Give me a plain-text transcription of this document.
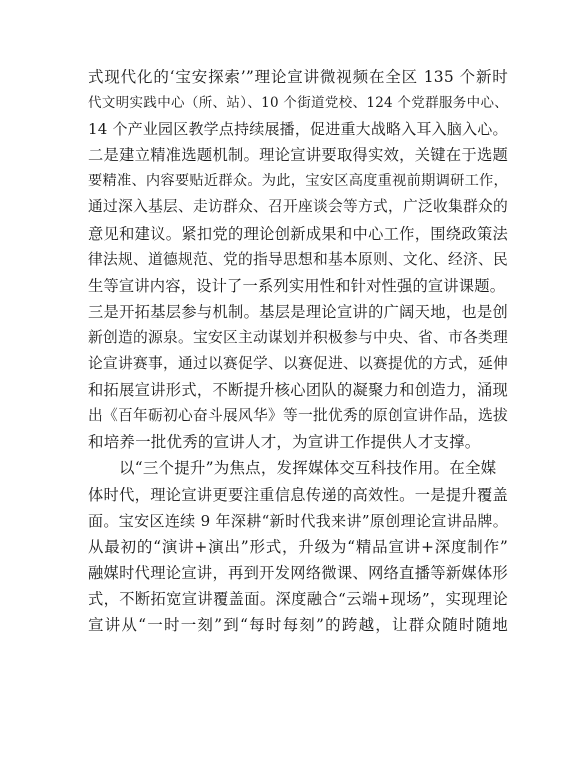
式现代化的‘宝安探索’”理论宣讲微视频在全区 135 个新时
代文明实践中心（所、站）、10 个街道党校、124 个党群服务中心、
14 个产业园区教学点持续展播，促进重大战略入耳入脑入心。
二是建立精准选题机制。理论宣讲要取得实效，关键在于选题
要精准、内容要贴近群众。为此，宝安区高度重视前期调研工作，
通过深入基层、走访群众、召开座谈会等方式，广泛收集群众的
意见和建议。紧扣党的理论创新成果和中心工作，围绕政策法
律法规、道德规范、党的指导思想和基本原则、文化、经济、民
生等宣讲内容，设计了一系列实用性和针对性强的宣讲课题。
三是开拓基层参与机制。基层是理论宣讲的广阔天地，也是创
新创造的源泉。宝安区主动谋划并积极参与中央、省、市各类理
论宣讲赛事，通过以赛促学、以赛促进、以赛提优的方式，延伸
和拓展宣讲形式，不断提升核心团队的凝聚力和创造力，涌现
出《百年砺初心奋斗展风华》等一批优秀的原创宣讲作品，选拔
和培养一批优秀的宣讲人才，为宣讲工作提供人才支撑。
以“三个提升”为焦点，发挥媒体交互科技作用。在全媒
体时代，理论宣讲更要注重信息传递的高效性。一是提升覆盖
面。宝安区连续 9 年深耕“新时代我来讲”原创理论宣讲品牌。
从最初的“演讲+演出”形式，升级为“精品宣讲+深度制作”
融媒时代理论宣讲，再到开发网络微课、网络直播等新媒体形
式，不断拓宽宣讲覆盖面。深度融合“云端+现场”，实现理论
宣讲从“一时一刻”到“每时每刻”的跨越，让群众随时随地
